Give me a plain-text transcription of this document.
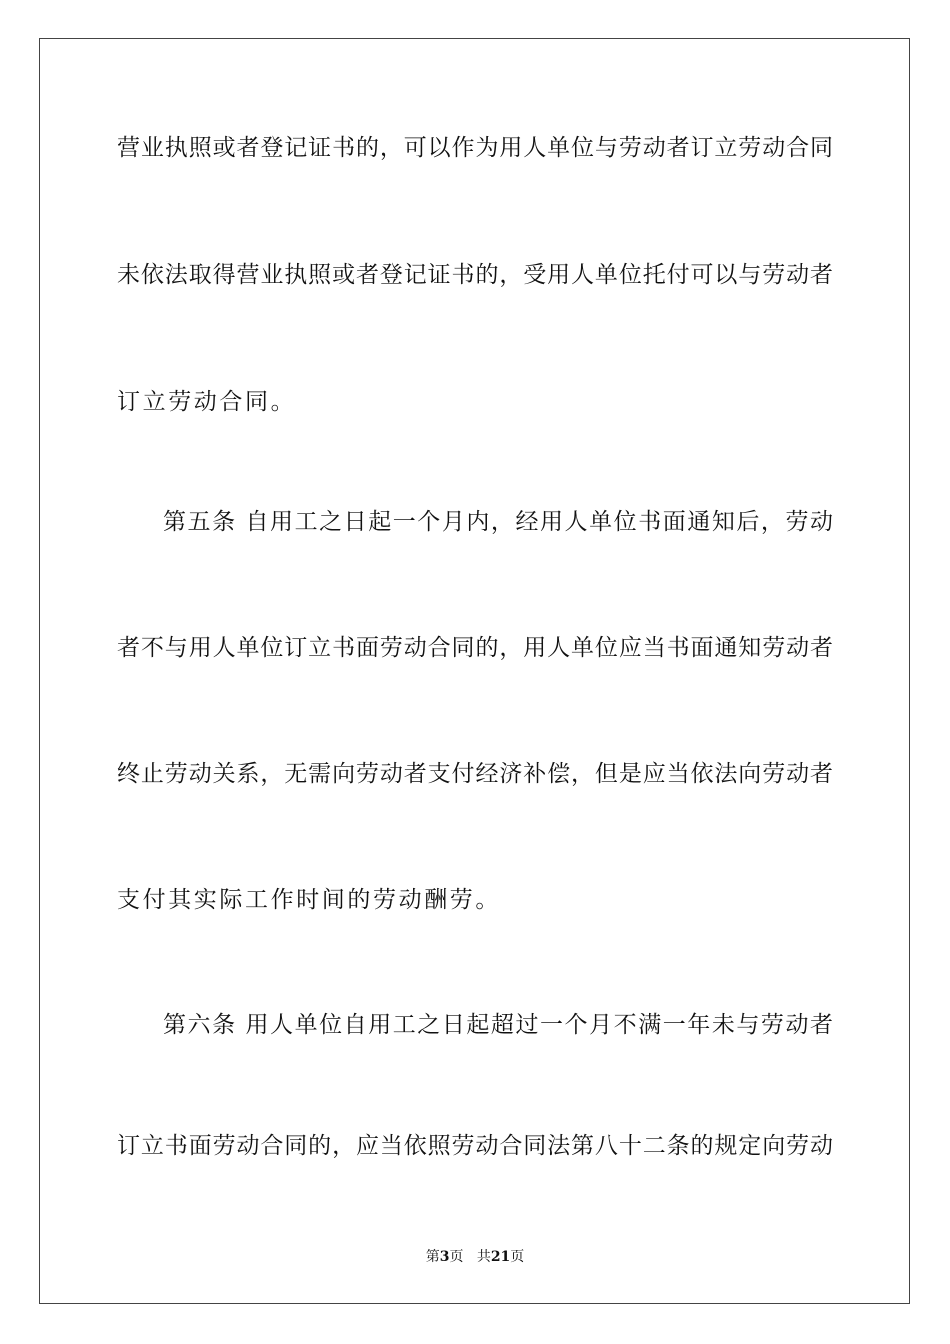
营业执照或者登记证书的，可以作为用人单位与劳动者订立劳动合同
未依法取得营业执照或者登记证书的，受用人单位托付可以与劳动者
订立劳动合同。
第五条 自用工之日起一个月内，经用人单位书面通知后，劳动
者不与用人单位订立书面劳动合同的，用人单位应当书面通知劳动者
终止劳动关系，无需向劳动者支付经济补偿，但是应当依法向劳动者
支付其实际工作时间的劳动酬劳。
第六条 用人单位自用工之日起超过一个月不满一年未与劳动者
订立书面劳动合同的，应当依照劳动合同法第八十二条的规定向劳动
第3页 共21页
